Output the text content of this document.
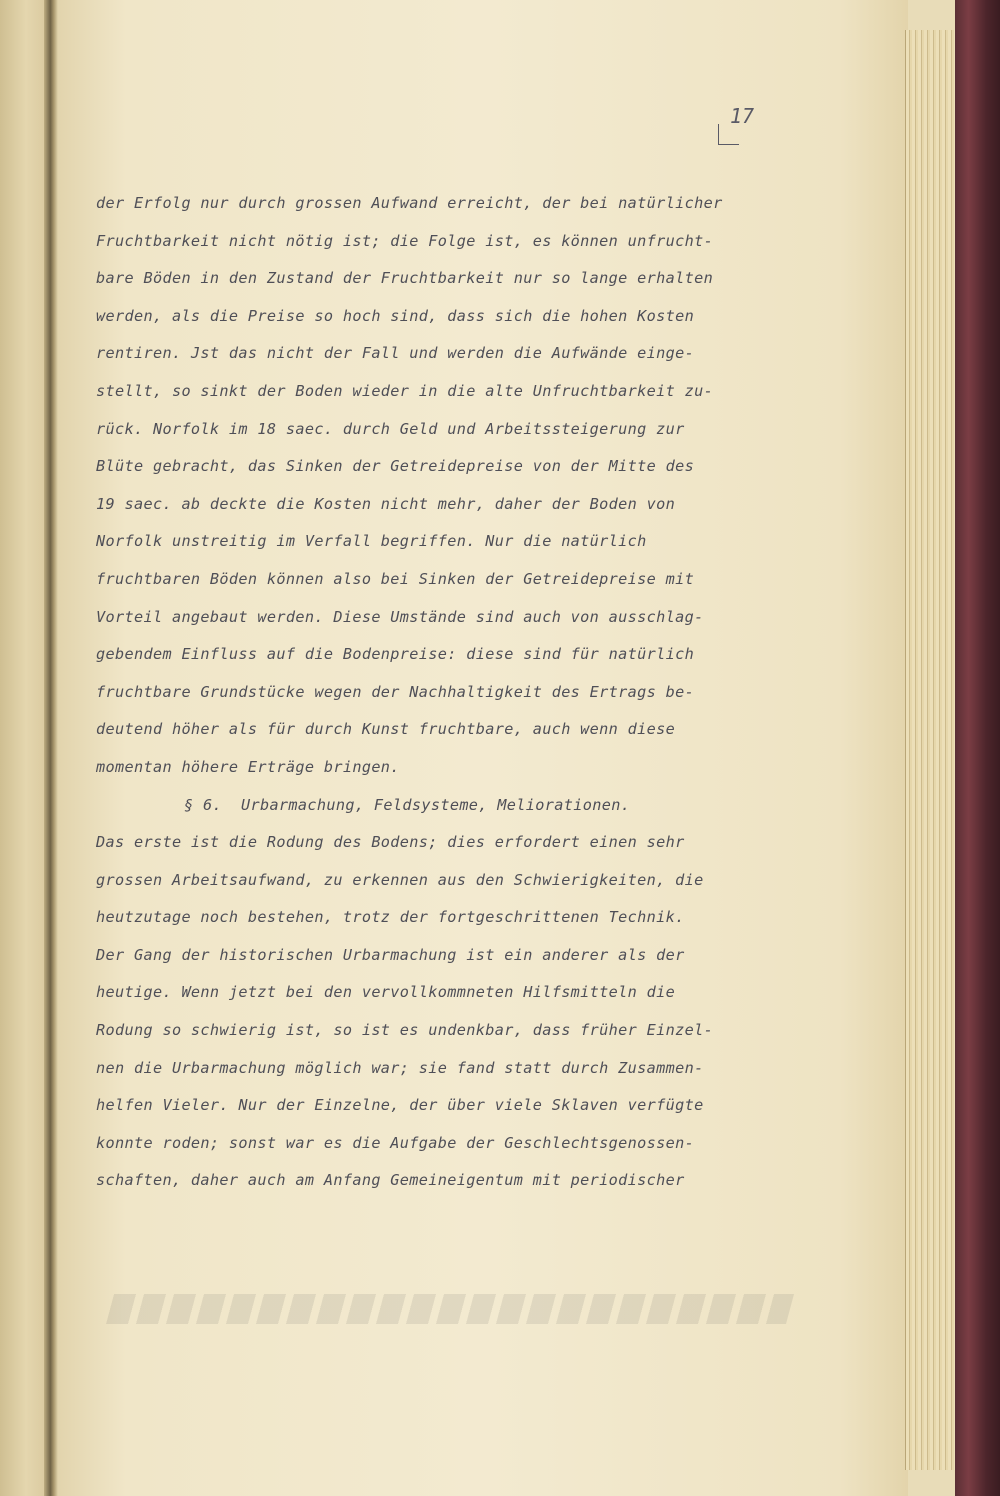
17
der Erfolg nur durch grossen Aufwand erreicht, der bei natürlicher
Fruchtbarkeit nicht nötig ist; die Folge ist, es können unfrucht-
bare Böden in den Zustand der Fruchtbarkeit nur so lange erhalten
werden, als die Preise so hoch sind, dass sich die hohen Kosten
rentiren. Jst das nicht der Fall und werden die Aufwände einge-
stellt, so sinkt der Boden wieder in die alte Unfruchtbarkeit zu-
rück. Norfolk im 18 saec. durch Geld und Arbeitssteigerung zur
Blüte gebracht, das Sinken der Getreidepreise von der Mitte des
19 saec. ab deckte die Kosten nicht mehr, daher der Boden von
Norfolk unstreitig im Verfall begriffen. Nur die natürlich
fruchtbaren Böden können also bei Sinken der Getreidepreise mit
Vorteil angebaut werden. Diese Umstände sind auch von ausschlag-
gebendem Einfluss auf die Bodenpreise: diese sind für natürlich
fruchtbare Grundstücke wegen der Nachhaltigkeit des Ertrags be-
deutend höher als für durch Kunst fruchtbare, auch wenn diese
momentan höhere Erträge bringen.
§ 6.  Urbarmachung, Feldsysteme, Meliorationen.
Das erste ist die Rodung des Bodens; dies erfordert einen sehr
grossen Arbeitsaufwand, zu erkennen aus den Schwierigkeiten, die
heutzutage noch bestehen, trotz der fortgeschrittenen Technik.
Der Gang der historischen Urbarmachung ist ein anderer als der
heutige. Wenn jetzt bei den vervollkommneten Hilfsmitteln die
Rodung so schwierig ist, so ist es undenkbar, dass früher Einzel-
nen die Urbarmachung möglich war; sie fand statt durch Zusammen-
helfen Vieler. Nur der Einzelne, der über viele Sklaven verfügte
konnte roden; sonst war es die Aufgabe der Geschlechtsgenossen-
schaften, daher auch am Anfang Gemeineigentum mit periodischer
